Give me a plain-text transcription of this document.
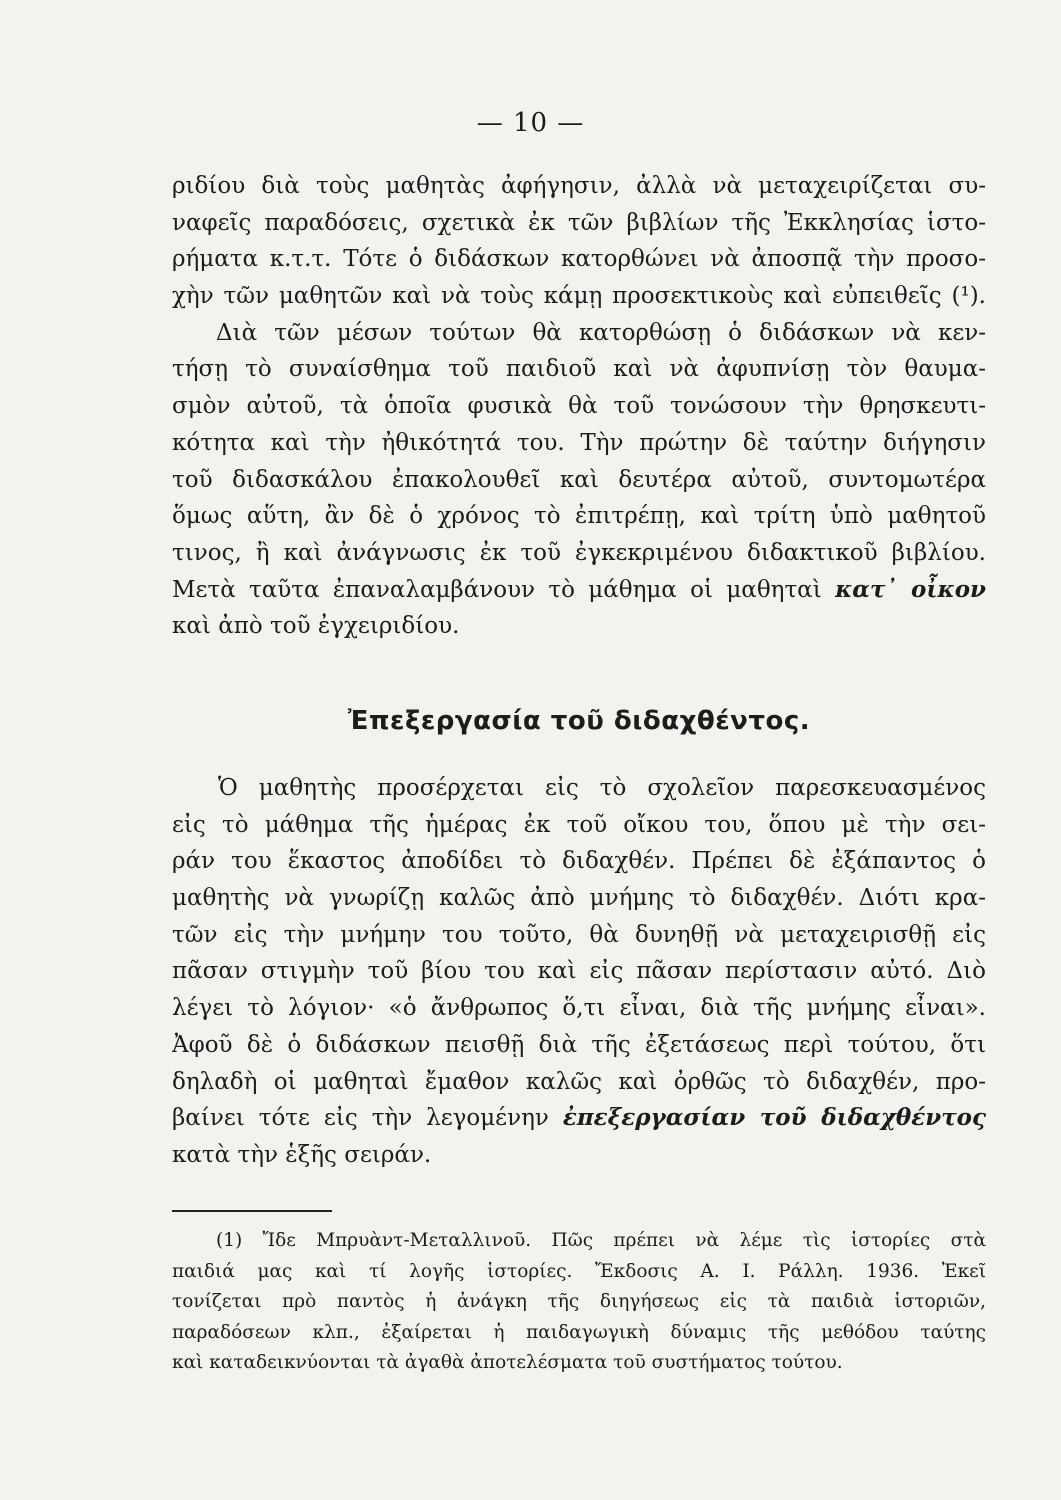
— 10 —
ριδίου διὰ τοὺς μαθητὰς ἀφήγησιν, ἀλλὰ νὰ μεταχειρίζεται συ-
ναφεῖς παραδόσεις, σχετικὰ ἐκ τῶν βιβλίων τῆς Ἐκκλησίας ἱστο-
ρήματα κ.τ.τ. Τότε ὁ διδάσκων κατορθώνει νὰ ἀποσπᾷ τὴν προσο-
χὴν τῶν μαθητῶν καὶ νὰ τοὺς κάμῃ προσεκτικοὺς καὶ εὐπειθεῖς (¹).
Διὰ τῶν μέσων τούτων θὰ κατορθώσῃ ὁ διδάσκων νὰ κεν-
τήσῃ τὸ συναίσθημα τοῦ παιδιοῦ καὶ νὰ ἀφυπνίσῃ τὸν θαυμα-
σμὸν αὐτοῦ, τὰ ὁποῖα φυσικὰ θὰ τοῦ τονώσουν τὴν θρησκευτι-
κότητα καὶ τὴν ἠθικότητά του. Τὴν πρώτην δὲ ταύτην διήγησιν
τοῦ διδασκάλου ἐπακολουθεῖ καὶ δευτέρα αὐτοῦ, συντομωτέρα
ὅμως αὕτη, ἂν δὲ ὁ χρόνος τὸ ἐπιτρέπῃ, καὶ τρίτη ὑπὸ μαθητοῦ
τινος, ἢ καὶ ἀνάγνωσις ἐκ τοῦ ἐγκεκριμένου διδακτικοῦ βιβλίου.
Μετὰ ταῦτα ἐπαναλαμβάνουν τὸ μάθημα οἱ μαθηταὶ κατ᾿ οἶκον
καὶ ἀπὸ τοῦ ἐγχειριδίου.
Ἐπεξεργασία τοῦ διδαχθέντος.
Ὁ μαθητὴς προσέρχεται εἰς τὸ σχολεῖον παρεσκευασμένος
εἰς τὸ μάθημα τῆς ἡμέρας ἐκ τοῦ οἴκου του, ὅπου μὲ τὴν σει-
ράν του ἕκαστος ἀποδίδει τὸ διδαχθέν. Πρέπει δὲ ἐξάπαντος ὁ
μαθητὴς νὰ γνωρίζῃ καλῶς ἀπὸ μνήμης τὸ διδαχθέν. Διότι κρα-
τῶν εἰς τὴν μνήμην του τοῦτο, θὰ δυνηθῇ νὰ μεταχειρισθῇ εἰς
πᾶσαν στιγμὴν τοῦ βίου του καὶ εἰς πᾶσαν περίστασιν αὐτό. Διὸ
λέγει τὸ λόγιον· «ὁ ἄνθρωπος ὅ,τι εἶναι, διὰ τῆς μνήμης εἶναι».
Ἀφοῦ δὲ ὁ διδάσκων πεισθῇ διὰ τῆς ἐξετάσεως περὶ τούτου, ὅτι
δηλαδὴ οἱ μαθηταὶ ἔμαθον καλῶς καὶ ὀρθῶς τὸ διδαχθέν, προ-
βαίνει τότε εἰς τὴν λεγομένην ἐπεξεργασίαν τοῦ διδαχθέντος
κατὰ τὴν ἑξῆς σειράν.
(1) Ἴδε Μπρυὰντ-Μεταλλινοῦ. Πῶς πρέπει νὰ λέμε τὶς ἱστορίες στὰ
παιδιά μας καὶ τί λογῆς ἱστορίες. Ἔκδοσις Α. Ι. Ράλλη. 1936. Ἐκεῖ
τονίζεται πρὸ παντὸς ἡ ἀνάγκη τῆς διηγήσεως εἰς τὰ παιδιὰ ἱστοριῶν,
παραδόσεων κλπ., ἐξαίρεται ἡ παιδαγωγικὴ δύναμις τῆς μεθόδου ταύτης
καὶ καταδεικνύονται τὰ ἀγαθὰ ἀποτελέσματα τοῦ συστήματος τούτου.
